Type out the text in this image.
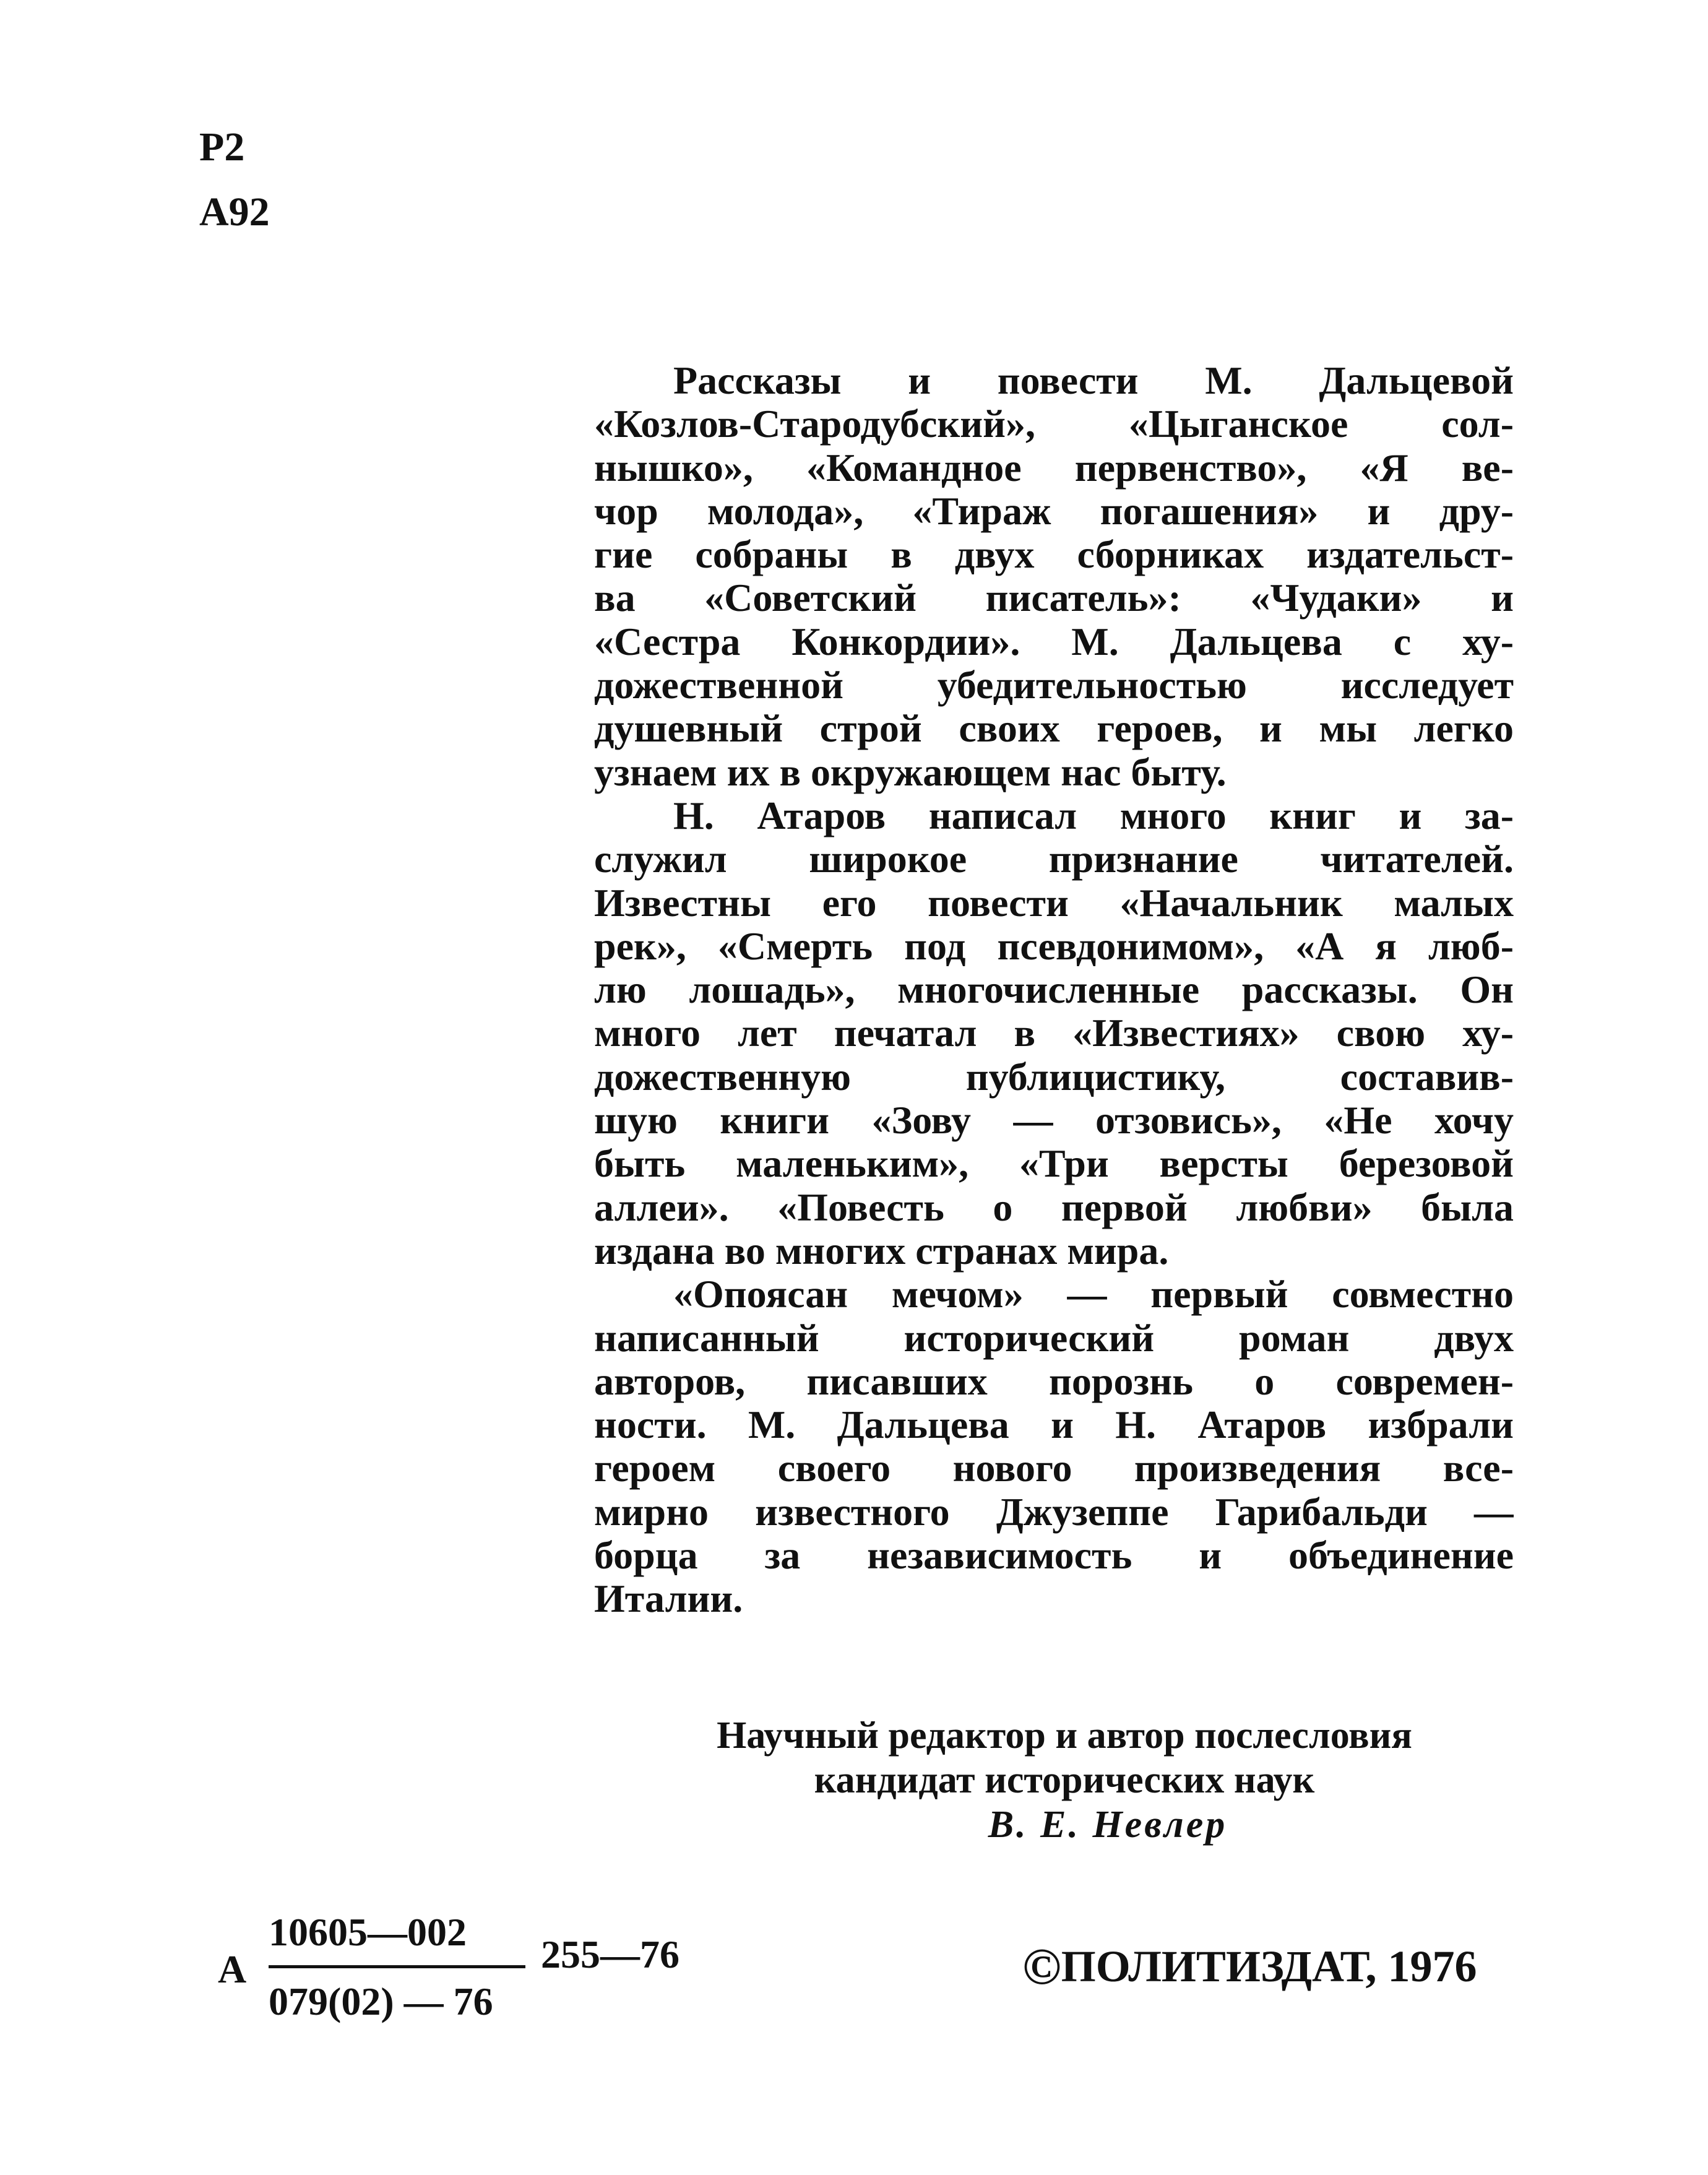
Р2
А92

Рассказы и повести М. Дальцевой
«Козлов-Стародубский», «Цыганское сол-
нышко», «Командное первенство», «Я ве-
чор молода», «Тираж погашения» и дру-
гие собраны в двух сборниках издательст-
ва «Советский писатель»: «Чудаки» и
«Сестра Конкордии». М. Дальцева с ху-
дожественной убедительностью исследует
душевный строй своих героев, и мы легко
узнаем их в окружающем нас быту.

Н. Атаров написал много книг и за-
служил широкое признание читателей.
Известны его повести «Начальник малых
рек», «Смерть под псевдонимом», «А я люб-
лю лошадь», многочисленные рассказы. Он
много лет печатал в «Известиях» свою ху-
дожественную публицистику, составив-
шую книги «Зову — отзовись», «Не хочу
быть маленьким», «Три версты березовой
аллеи». «Повесть о первой любви» была
издана во многих странах мира.

«Опоясан мечом» — первый совместно
написанный исторический роман двух
авторов, писавших порознь о современ-
ности. М. Дальцева и Н. Атаров избрали
героем своего нового произведения все-
мирно известного Джузеппе Гарибальди —
борца за независимость и объединение
Италии.

Научный редактор и автор послесловия
кандидат исторических наук
В. Е. Невлер
А
10605—002
079(02) — 76
255—76	©ПОЛИТИЗДАТ, 1976
